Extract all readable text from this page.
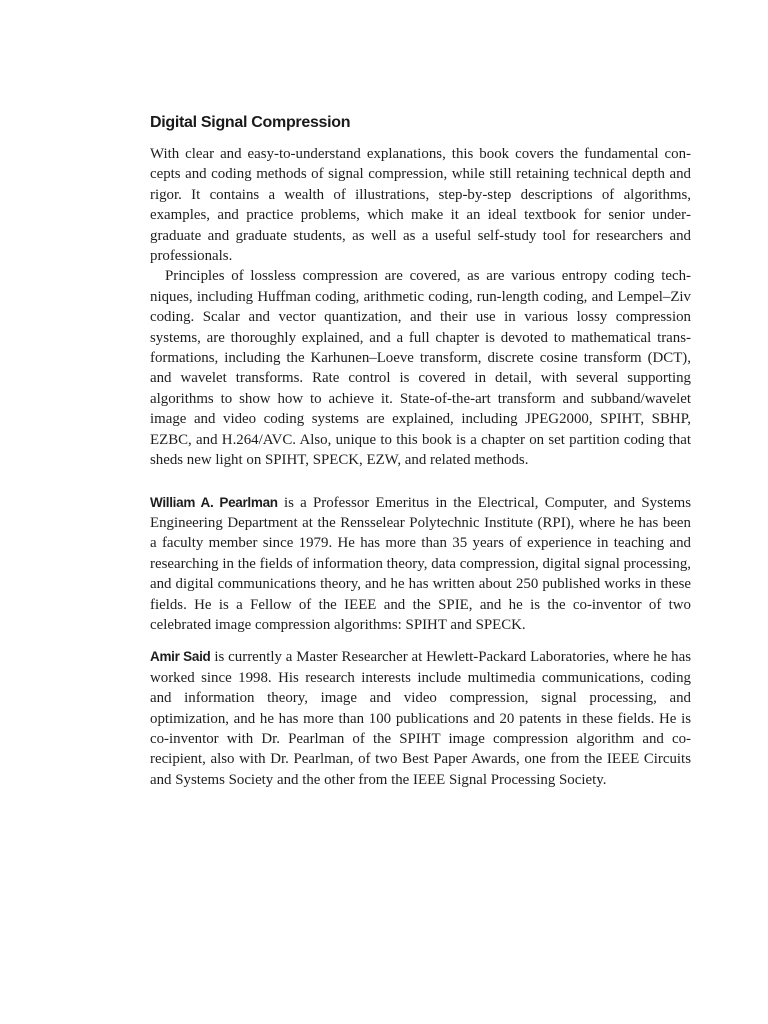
Digital Signal Compression

With clear and easy-to-understand explanations, this book covers the fundamental concepts and coding methods of signal compression, while still retaining technical depth and rigor. It contains a wealth of illustrations, step-by-step descriptions of algorithms, examples, and practice problems, which make it an ideal textbook for senior undergraduate and graduate students, as well as a useful self-study tool for researchers and professionals.

Principles of lossless compression are covered, as are various entropy coding techniques, including Huffman coding, arithmetic coding, run-length coding, and Lempel–Ziv coding. Scalar and vector quantization, and their use in various lossy compression systems, are thoroughly explained, and a full chapter is devoted to mathematical transformations, including the Karhunen–Loeve transform, discrete cosine transform (DCT), and wavelet transforms. Rate control is covered in detail, with several supporting algorithms to show how to achieve it. State-of-the-art transform and subband/wavelet image and video coding systems are explained, including JPEG2000, SPIHT, SBHP, EZBC, and H.264/AVC. Also, unique to this book is a chapter on set partition coding that sheds new light on SPIHT, SPECK, EZW, and related methods.

William A. Pearlman is a Professor Emeritus in the Electrical, Computer, and Systems Engineering Department at the Rensselear Polytechnic Institute (RPI), where he has been a faculty member since 1979. He has more than 35 years of experience in teaching and researching in the fields of information theory, data compression, digital signal processing, and digital communications theory, and he has written about 250 published works in these fields. He is a Fellow of the IEEE and the SPIE, and he is the co-inventor of two celebrated image compression algorithms: SPIHT and SPECK.

Amir Said is currently a Master Researcher at Hewlett-Packard Laboratories, where he has worked since 1998. His research interests include multimedia communications, coding and information theory, image and video compression, signal processing, and optimization, and he has more than 100 publications and 20 patents in these fields. He is co-inventor with Dr. Pearlman of the SPIHT image compression algorithm and co-recipient, also with Dr. Pearlman, of two Best Paper Awards, one from the IEEE Circuits and Systems Society and the other from the IEEE Signal Processing Society.
